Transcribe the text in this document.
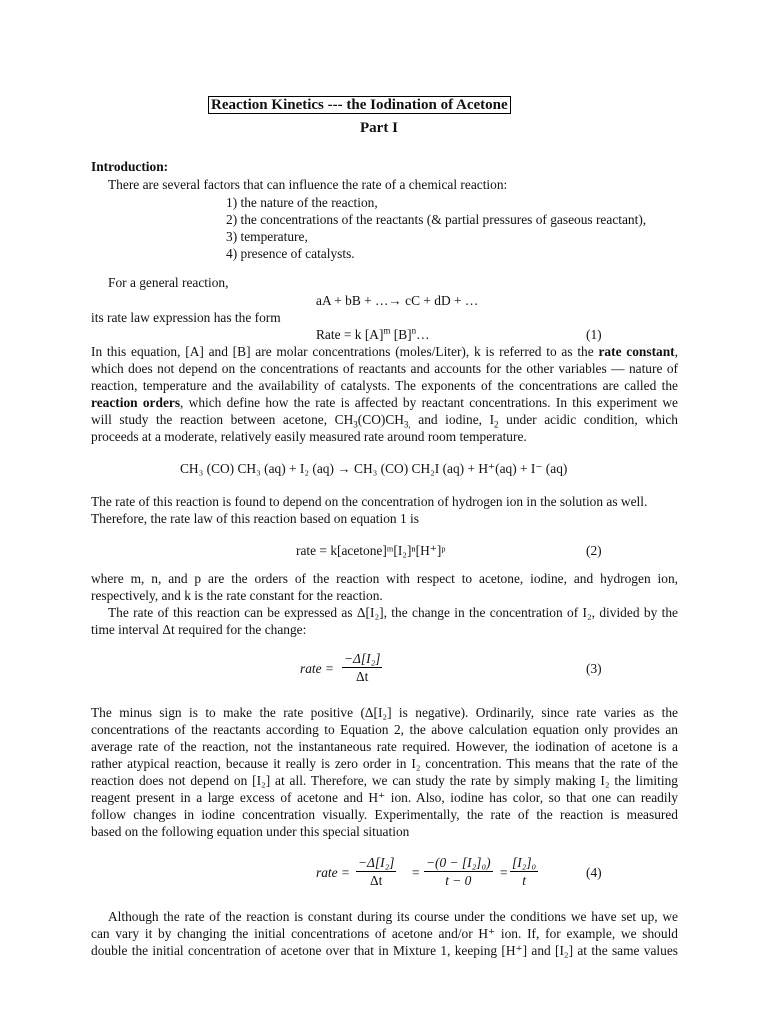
Reaction Kinetics --- the Iodination of Acetone
Part I
Introduction:
There are several factors that can influence the rate of a chemical reaction:
1) the nature of the reaction,
2) the concentrations of the reactants (& partial pressures of gaseous reactant),
3) temperature,
4) presence of catalysts.
For a general reaction,
aA + bB + …→ cC + dD + …
its rate law expression has the form
Rate = k $[A]^m$ $[B]^n\dots$	(1)
In this equation, [A] and [B] are molar concentrations (moles/Liter), k is referred to as the rate constant,
which does not depend on the concentrations of reactants and accounts for the other variables — nature of
reaction, temperature and the availability of catalysts. The exponents of the concentrations are called the
reaction orders, which define how the rate is affected by reactant concentrations. In this experiment we
will study the reaction between acetone, $CH_3(CO)CH_{3,}$ and iodine, $I_2$ under acidic condition, which
proceeds at a moderate, relatively easily measured rate around room temperature.
CH₃ (CO) CH₃ (aq) + I₂ (aq) → CH₃ (CO) CH₂I (aq) + H⁺(aq) + I⁻ (aq)
The rate of this reaction is found to depend on the concentration of hydrogen ion in the solution as well.
Therefore, the rate law of this reaction based on equation 1 is
rate = k[acetone]ᵐ[I₂]ⁿ[H⁺]ᵖ	(2)
where m, n, and p are the orders of the reaction with respect to acetone, iodine, and hydrogen ion,
respectively, and k is the rate constant for the reaction.
The rate of this reaction can be expressed as Δ[I₂], the change in the concentration of I₂, divided by the
time interval Δt required for the change:
rate = $\frac{\text{−Δ[I₂]}}{\Delta t}$	(3)
The minus sign is to make the rate positive (Δ[I₂] is negative). Ordinarily, since rate varies as the
concentrations of the reactants according to Equation 2, the above calculation equation only provides an
average rate of the reaction, not the instantaneous rate required. However, the iodination of acetone is a
rather atypical reaction, because it really is zero order in I₂ concentration. This means that the rate of the
reaction does not depend on [I₂] at all. Therefore, we can study the rate by simply making I₂ the limiting
reagent present in a large excess of acetone and H⁺ ion. Also, iodine has color, so that one can readily
follow changes in iodine concentration visually. Experimentally, the rate of the reaction is measured
based on the following equation under this special situation
rate = $\frac{\text{−Δ[I₂]}}{\Delta t} = \frac{\text{−(0 − [I₂]₀)}}{t - 0} = \frac{\text{[I₂]₀}}{t}$	(4)
Although the rate of the reaction is constant during its course under the conditions we have set up, we
can vary it by changing the initial concentrations of acetone and/or H⁺ ion. If, for example, we should
double the initial concentration of acetone over that in Mixture 1, keeping [H⁺] and [I₂] at the same values
